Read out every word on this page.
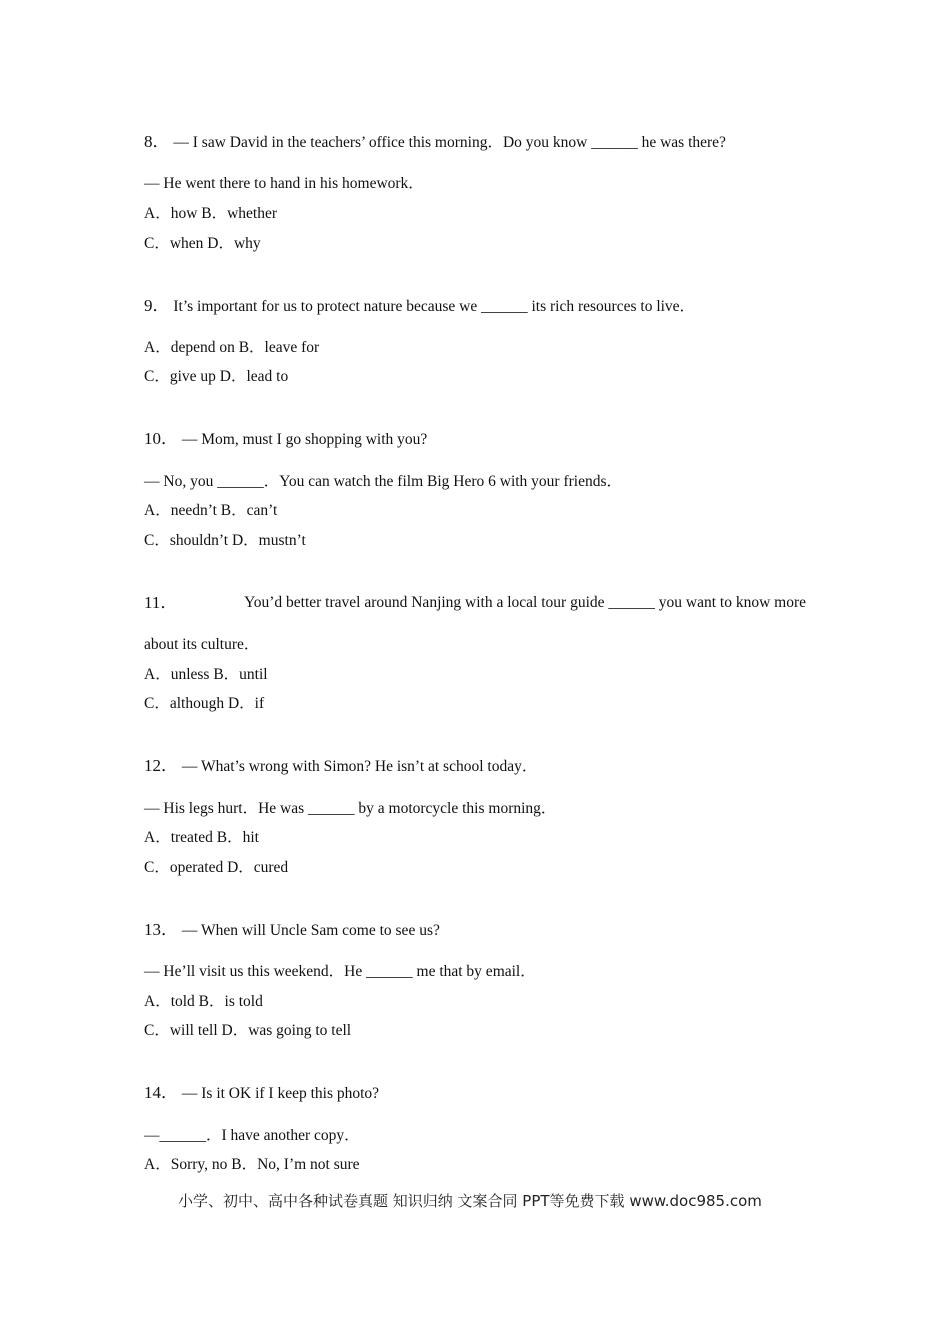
8． — I saw David in the teachers’ office this morning．Do you know ______ he was there?
— He went there to hand in his homework．
A．how B．whether
C．when D．why
9． It’s important for us to protect nature because we ______ its rich resources to live．
A．depend on B．leave for
C．give up D．lead to
10． — Mom, must I go shopping with you?
— No, you ______．You can watch the film Big Hero 6 with your friends．
A．needn’t B．can’t
C．shouldn’t D．mustn’t
11．	You’d better travel around Nanjing with a local tour guide ______ you want to know more
about its culture．
A．unless B．until
C．although D．if
12． — What’s wrong with Simon? He isn’t at school today．
— His legs hurt．He was ______ by a motorcycle this morning．
A．treated B．hit
C．operated D．cured
13． — When will Uncle Sam come to see us?
— He’ll visit us this weekend．He ______ me that by email．
A．told B．is told
C．will tell D．was going to tell
14． — Is it OK if I keep this photo?
—______．I have another copy．
A．Sorry, no B．No, I’m not sure
小学、初中、高中各种试卷真题 知识归纳 文案合同 PPT等免费下载 www.doc985.com
